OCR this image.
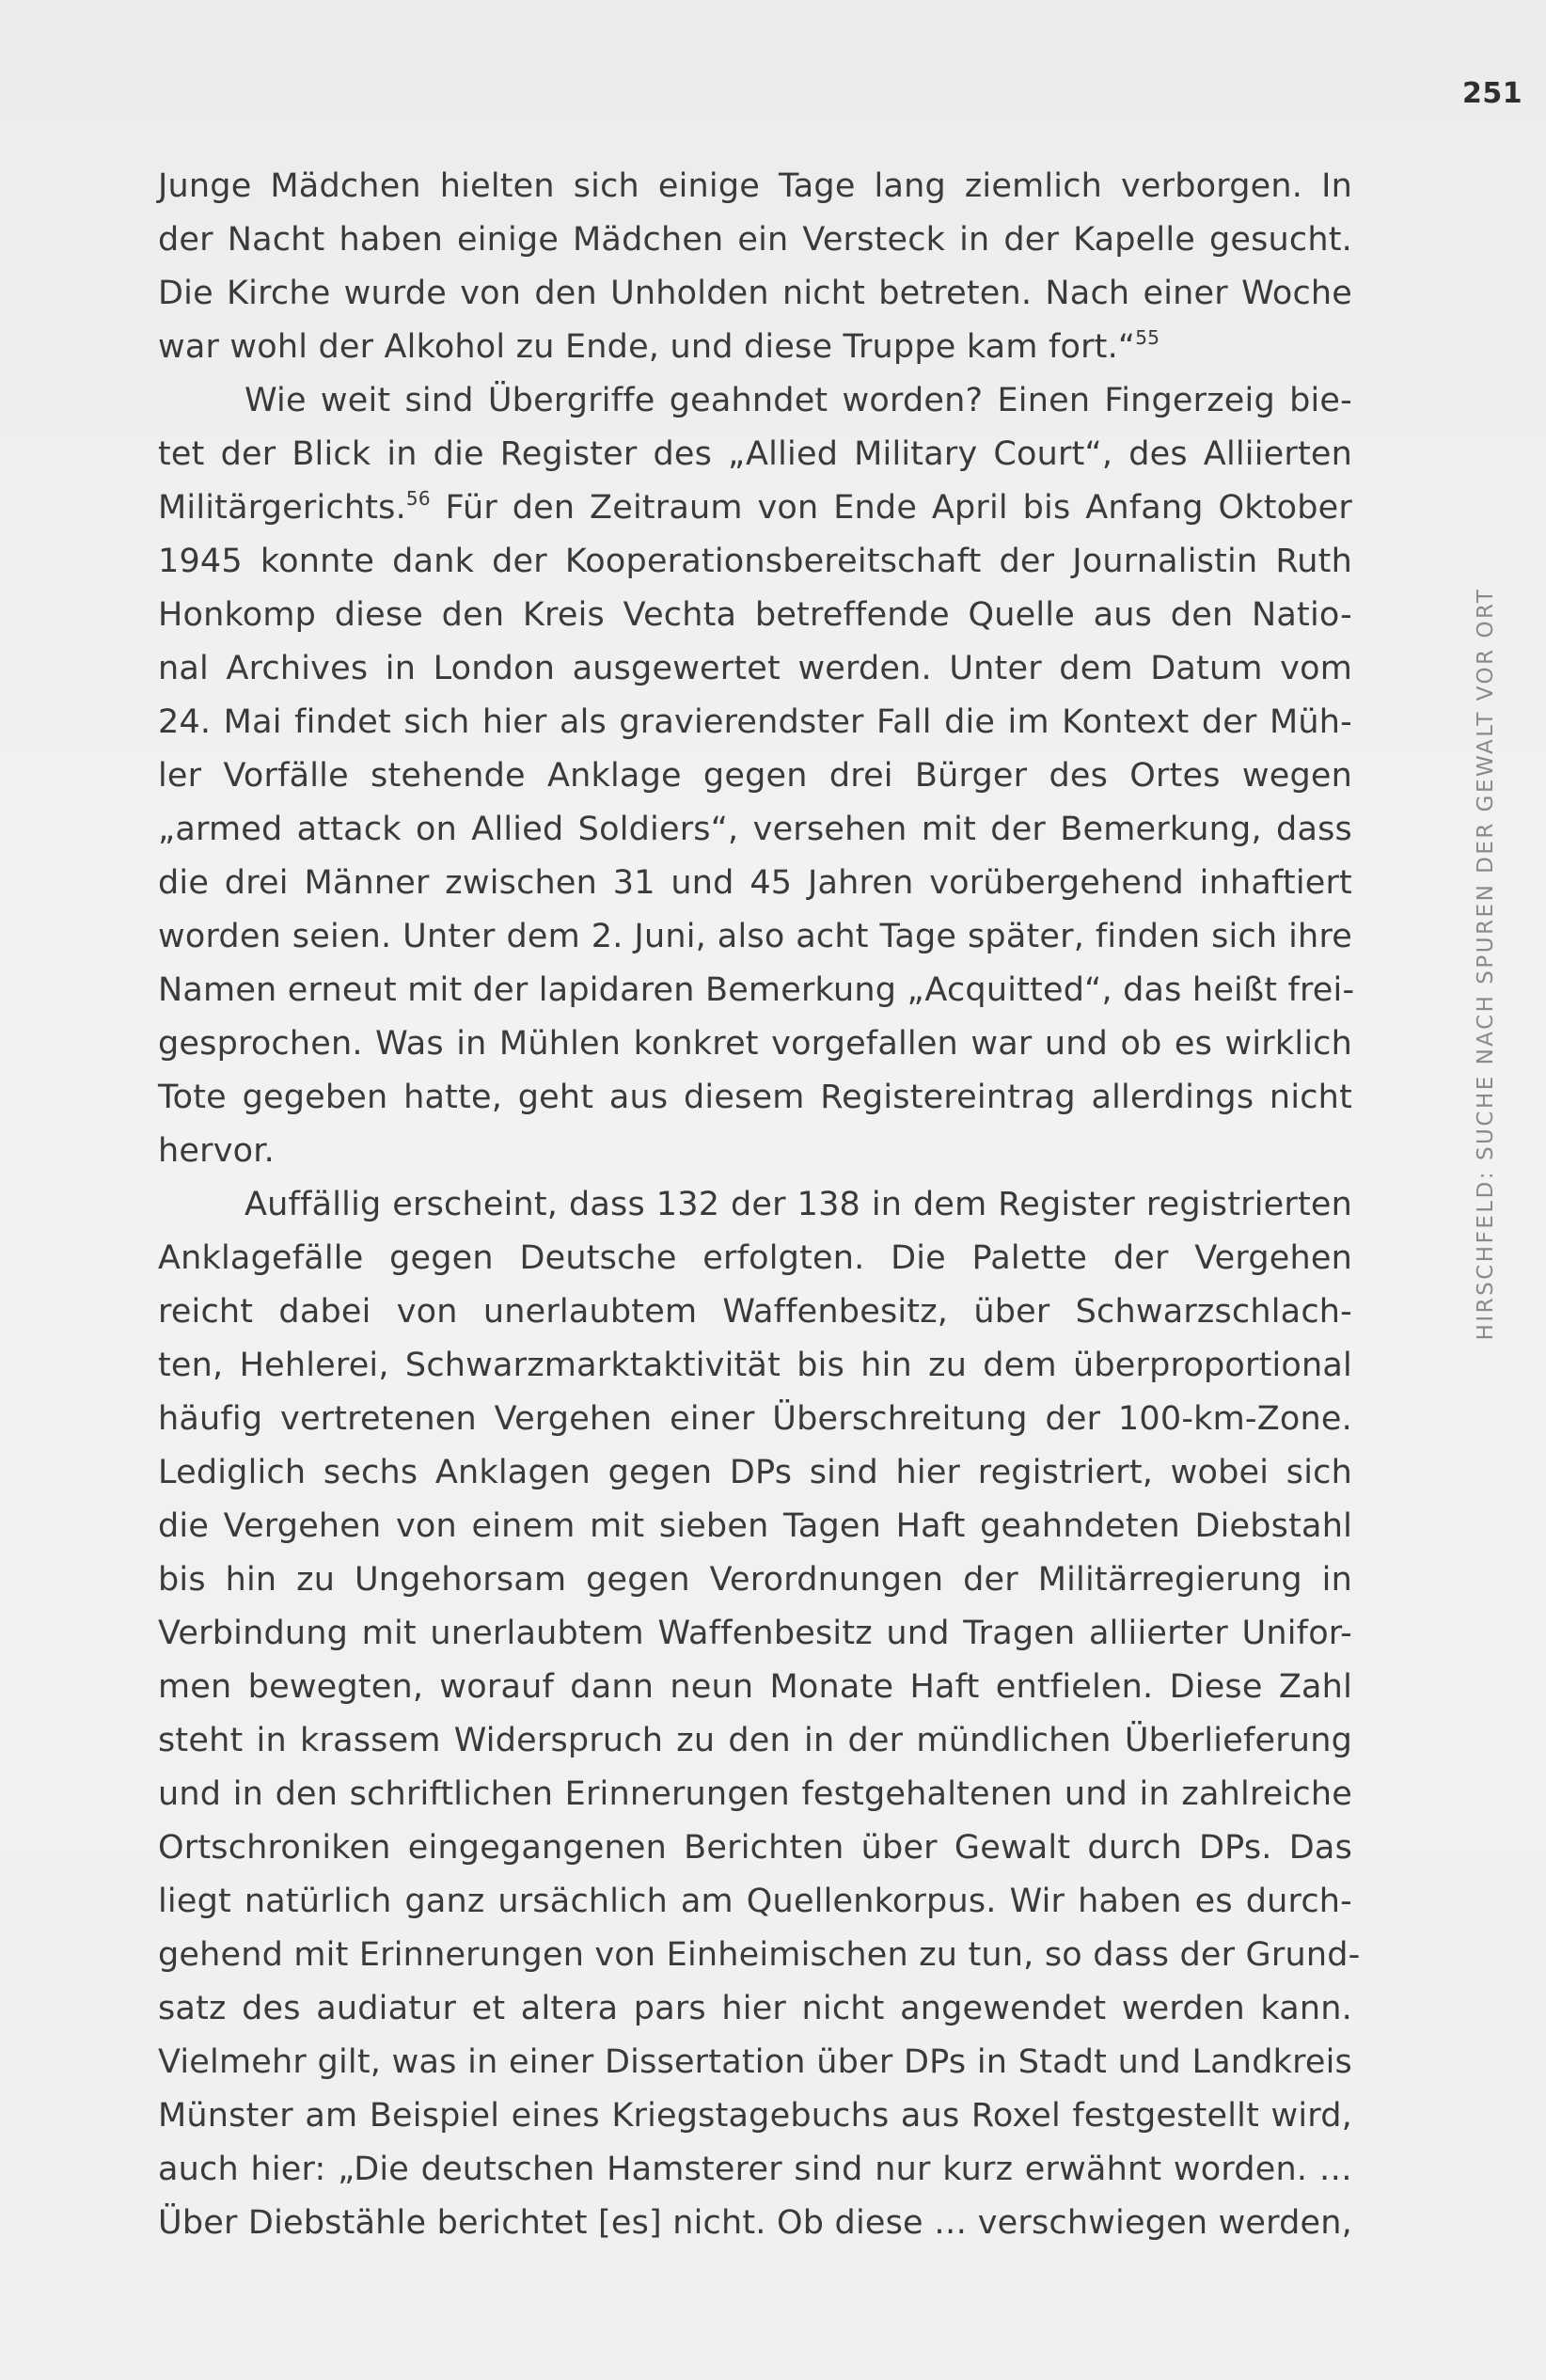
251
HIRSCHFELD: SUCHE NACH SPUREN DER GEWALT VOR ORT
Junge Mädchen hielten sich einige Tage lang ziemlich verborgen. In
der Nacht haben einige Mädchen ein Versteck in der Kapelle gesucht.
Die Kirche wurde von den Unholden nicht betreten. Nach einer Woche
war wohl der Alkohol zu Ende, und diese Truppe kam fort.“$^{55}$
Wie weit sind Übergriffe geahndet worden? Einen Fingerzeig bie-
tet der Blick in die Register des „Allied Military Court“, des Alliierten
Militärgerichts.$^{56}$ Für den Zeitraum von Ende April bis Anfang Oktober
1945 konnte dank der Kooperationsbereitschaft der Journalistin Ruth
Honkomp diese den Kreis Vechta betreffende Quelle aus den Natio-
nal Archives in London ausgewertet werden. Unter dem Datum vom
24. Mai findet sich hier als gravierendster Fall die im Kontext der Müh-
ler Vorfälle stehende Anklage gegen drei Bürger des Ortes wegen
„armed attack on Allied Soldiers“, versehen mit der Bemerkung, dass
die drei Männer zwischen 31 und 45 Jahren vorübergehend inhaftiert
worden seien. Unter dem 2. Juni, also acht Tage später, finden sich ihre
Namen erneut mit der lapidaren Bemerkung „Acquitted“, das heißt frei-
gesprochen. Was in Mühlen konkret vorgefallen war und ob es wirklich
Tote gegeben hatte, geht aus diesem Registereintrag allerdings nicht
hervor.
Auffällig erscheint, dass 132 der 138 in dem Register registrierten
Anklagefälle gegen Deutsche erfolgten. Die Palette der Vergehen
reicht dabei von unerlaubtem Waffenbesitz, über Schwarzschlach-
ten, Hehlerei, Schwarzmarktaktivität bis hin zu dem überproportional
häufig vertretenen Vergehen einer Überschreitung der 100-km-Zone.
Lediglich sechs Anklagen gegen DPs sind hier registriert, wobei sich
die Vergehen von einem mit sieben Tagen Haft geahndeten Diebstahl
bis hin zu Ungehorsam gegen Verordnungen der Militärregierung in
Verbindung mit unerlaubtem Waffenbesitz und Tragen alliierter Unifor-
men bewegten, worauf dann neun Monate Haft entfielen. Diese Zahl
steht in krassem Widerspruch zu den in der mündlichen Überlieferung
und in den schriftlichen Erinnerungen festgehaltenen und in zahlreiche
Ortschroniken eingegangenen Berichten über Gewalt durch DPs. Das
liegt natürlich ganz ursächlich am Quellenkorpus. Wir haben es durch-
gehend mit Erinnerungen von Einheimischen zu tun, so dass der Grund-
satz des audiatur et altera pars hier nicht angewendet werden kann.
Vielmehr gilt, was in einer Dissertation über DPs in Stadt und Landkreis
Münster am Beispiel eines Kriegstagebuchs aus Roxel festgestellt wird,
auch hier: „Die deutschen Hamsterer sind nur kurz erwähnt worden. …
Über Diebstähle berichtet [es] nicht. Ob diese … verschwiegen werden,
